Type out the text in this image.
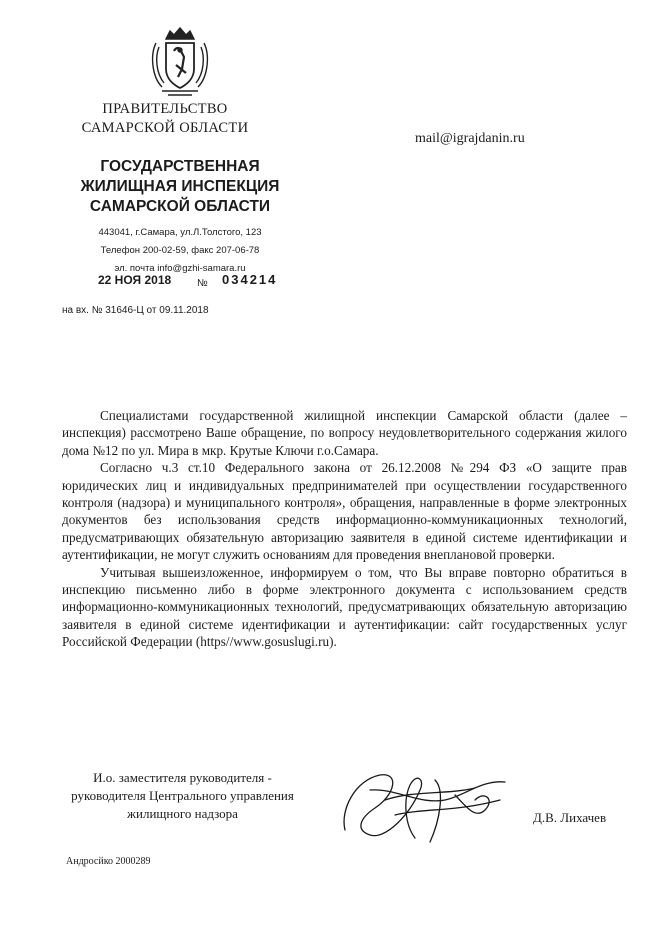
ПРАВИТЕЛЬСТВО
САМАРСКОЙ ОБЛАСТИ
ГОСУДАРСТВЕННАЯ
ЖИЛИЩНАЯ ИНСПЕКЦИЯ
САМАРСКОЙ ОБЛАСТИ
443041, г.Самара, ул.Л.Толстого, 123
Телефон 200-02-59, факс 207-06-78
эл. почта info@gzhi-samara.ru
mail@igrajdanin.ru
22 НОЯ 2018	№ 034214
на вх. № 31646-Ц от 09.11.2018

Специалистами государственной жилищной инспекции Самарской области (далее – инспекция) рассмотрено Ваше обращение, по вопросу неудовлетворительного содержания жилого дома №12 по ул. Мира в мкр. Крутые Ключи г.о.Самара.

Согласно ч.3 ст.10 Федерального закона от 26.12.2008 №294 ФЗ «О защите прав юридических лиц и индивидуальных предпринимателей при осуществлении государственного контроля (надзора) и муниципального контроля», обращения, направленные в форме электронных документов без использования средств информационно-коммуникационных технологий, предусматривающих обязательную авторизацию заявителя в единой системе идентификации и аутентификации, не могут служить основаниям для проведения внеплановой проверки.

Учитывая вышеизложенное, информируем о том, что Вы вправе повторно обратиться в инспекцию письменно либо в форме электронного документа с использованием средств информационно-коммуникационных технологий, предусматривающих обязательную авторизацию заявителя в единой системе идентификации и аутентификации: сайт государственных услуг Российской Федерации (https//www.gosuslugi.ru).

И.о. заместителя руководителя -
руководителя Центрального управления
жилищного надзора	Д.В. Лихачев
Андросйко 2000289
